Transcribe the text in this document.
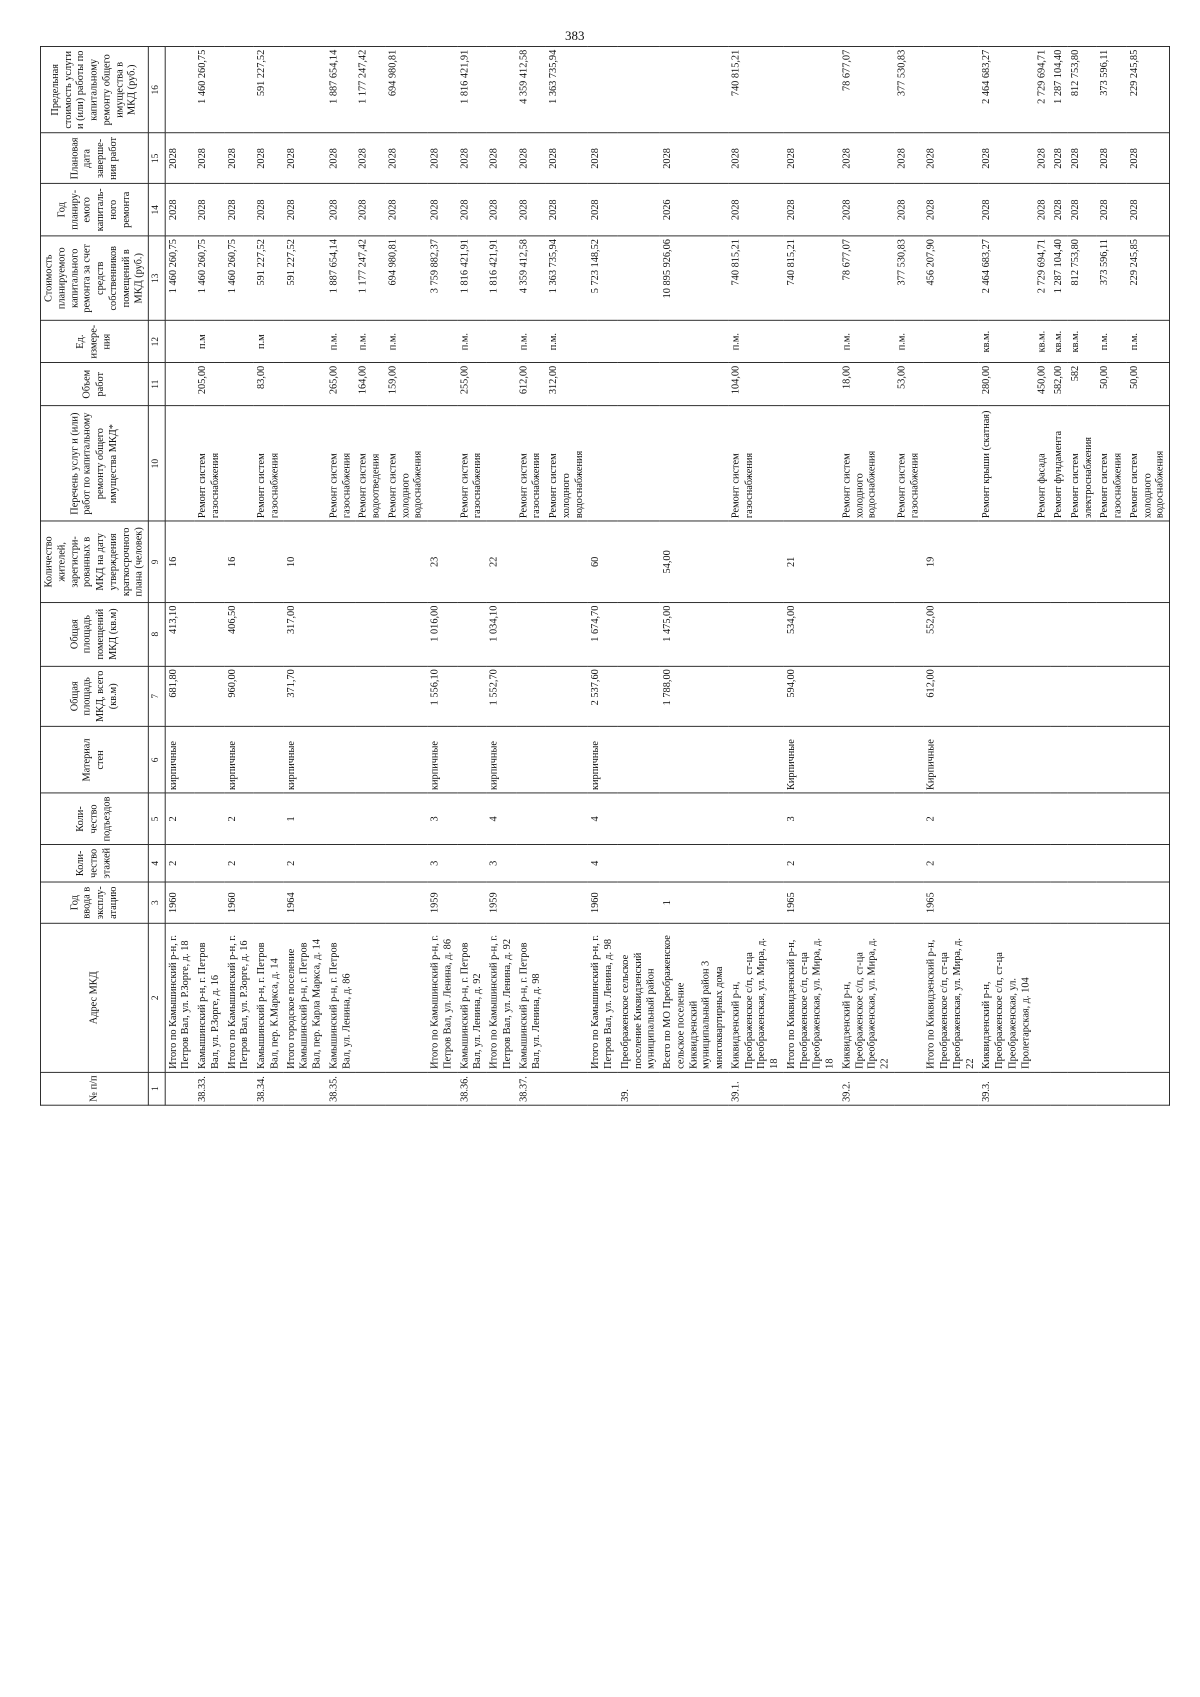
383
№ п/п	Адрес МКД	Год ввода в эксплу-атацию	Коли-чество этажей	Коли-чество подъездов	Материал стен	Общая площадь МКД, всего (кв.м)	Общая площадь помещений МКД (кв.м)	Количество жителей, зарегистри-рованных в МКД на дату утверждения краткосрочного плана (человек)	Перечень услуг и (или) работ по капитальному ремонту общего имущества МКД*	Объем работ	Ед. измере-ния	Стоимость планируемого капитального ремонта за счет средств собственников помещений в МКД (руб.)	Год планиру-емого капиталь-ного ремонта	Плановая дата заверше-ния работ	Предельная стоимость услуги и (или) работы по капитальному ремонту общего имущества в МКД (руб.)
1	2	3	4	5	6	7	8	9	10	11	12	13	14	15	16
	Итого по Камышинский р-н, г. Петров Вал, ул. Р.Зорге, д. 18	1960	2	2	кирпичные	681,80	413,10	16				1 460 260,75	2028	2028	
38.33.	Камышинский р-н, г. Петров Вал, ул. Р.Зорге, д. 16								Ремонт систем газоснабжения	205,00	п.м	1 460 260,75	2028	2028	1 460 260,75
	Итого по Камышинский р-н, г. Петров Вал, ул. Р.Зорге, д. 16	1960	2	2	кирпичные	960,00	406,50	16				1 460 260,75	2028	2028	
38.34.	Камышинский р-н, г. Петров Вал, пер. К.Маркса, д. 14								Ремонт систем газоснабжения	83,00	п.м	591 227,52	2028	2028	591 227,52
	Итого городское поселение Камышинский р-н, г. Петров Вал, пер. Карла Маркса, д. 14	1964	2	1	кирпичные	371,70	317,00	10				591 227,52	2028	2028	
38.35.	Камышинский р-н, г. Петров Вал, ул. Ленина, д. 86								Ремонт систем газоснабжения	265,00	п.м.	1 887 654,14	2028	2028	1 887 654,14
									Ремонт систем водоотведения	164,00	п.м.	1 177 247,42	2028	2028	1 177 247,42
									Ремонт систем холодного водоснабжения	159,00	п.м.	694 980,81	2028	2028	694 980,81
	Итого по Камышинский р-н, г. Петров Вал, ул. Ленина, д. 86	1959	3	3	кирпичные	1 556,10	1 016,00	23				3 759 882,37	2028	2028	
38.36.	Камышинский р-н, г. Петров Вал, ул. Ленина, д. 92								Ремонт систем газоснабжения	255,00	п.м.	1 816 421,91	2028	2028	1 816 421,91
	Итого по Камышинский р-н, г. Петров Вал, ул. Ленина, д. 92	1959	3	4	кирпичные	1 552,70	1 034,10	22				1 816 421,91	2028	2028	
38.37.	Камышинский р-н, г. Петров Вал, ул. Ленина, д. 98								Ремонт систем газоснабжения	612,00	п.м.	4 359 412,58	2028	2028	4 359 412,58
									Ремонт систем холодного водоснабжения	312,00	п.м.	1 363 735,94	2028	2028	1 363 735,94
	Итого по Камышинский р-н, г. Петров Вал, ул. Ленина, д. 98	1960	4	4	кирпичные	2 537,60	1 674,70	60				5 723 148,52	2028	2028	
39.	Преображенское сельское поселение Киквидзенский муниципальный район														
	Всего по МО Преображенское сельское поселение Киквидзенский муниципальный район 3 многоквартирных дома	1				1 788,00	1 475,00	54,00				10 895 926,06	2026	2028	
39.1.	Киквидзенский р-н, Преображенское с/п, ст-ца Преображенская, ул. Мира, д. 18								Ремонт систем газоснабжения	104,00	п.м.	740 815,21	2028	2028	740 815,21
	Итого по Киквидзенский р-н, Преображенское с/п, ст-ца Преображенская, ул. Мира, д. 18	1965	2	3	Кирпичные	594,00	534,00	21				740 815,21	2028	2028	
39.2.	Киквидзенский р-н, Преображенское с/п, ст-ца Преображенская, ул. Мира, д. 22								Ремонт систем холодного водоснабжения	18,00	п.м.	78 677,07	2028	2028	78 677,07
									Ремонт систем газоснабжения	53,00	п.м.	377 530,83	2028	2028	377 530,83
	Итого по Киквидзенский р-н, Преображенское с/п, ст-ца Преображенская, ул. Мира, д. 22	1965	2	2	Кирпичные	612,00	552,00	19				456 207,90	2028	2028	
39.3.	Киквидзенский р-н, Преображенское с/п, ст-ца Преображенская, ул. Пролетарская, д. 104								Ремонт крыши (скатная)	280,00	кв.м.	2 464 683,27	2028	2028	2 464 683,27
									Ремонт фасада	450,00	кв.м.	2 729 694,71	2028	2028	2 729 694,71
									Ремонт фундамента	582,00	кв.м.	1 287 104,40	2028	2028	1 287 104,40
									Ремонт систем электроснабжения	582	кв.м.	812 753,80	2028	2028	812 753,80
									Ремонт систем газоснабжения	50,00	п.м.	373 596,11	2028	2028	373 596,11
									Ремонт систем холодного водоснабжения	50,00	п.м.	229 245,85	2028	2028	229 245,85
